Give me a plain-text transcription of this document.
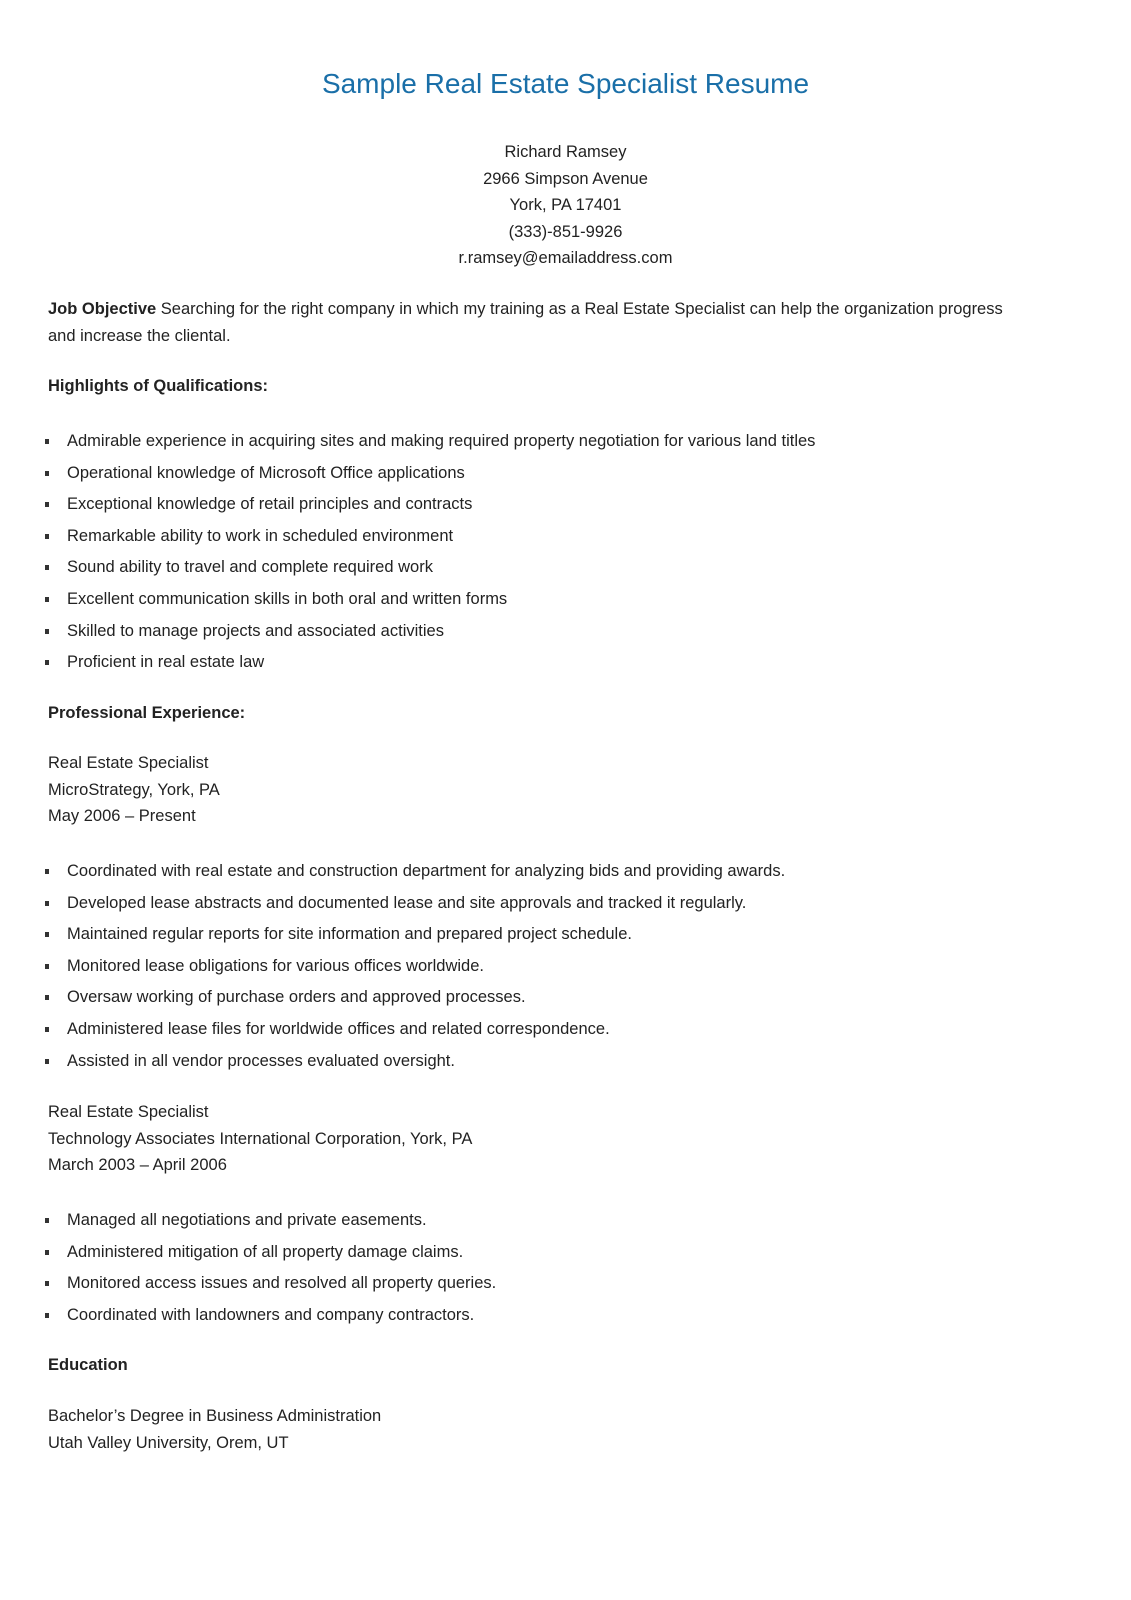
Sample Real Estate Specialist Resume
Richard Ramsey
2966 Simpson Avenue
York, PA 17401
(333)-851-9926
r.ramsey@emailaddress.com
Job Objective Searching for the right company in which my training as a Real Estate Specialist can help the organization progress and increase the cliental.
Highlights of Qualifications:
Admirable experience in acquiring sites and making required property negotiation for various land titles
Operational knowledge of Microsoft Office applications
Exceptional knowledge of retail principles and contracts
Remarkable ability to work in scheduled environment
Sound ability to travel and complete required work
Excellent communication skills in both oral and written forms
Skilled to manage projects and associated activities
Proficient in real estate law
Professional Experience:
Real Estate Specialist
MicroStrategy, York, PA
May 2006 – Present
Coordinated with real estate and construction department for analyzing bids and providing awards.
Developed lease abstracts and documented lease and site approvals and tracked it regularly.
Maintained regular reports for site information and prepared project schedule.
Monitored lease obligations for various offices worldwide.
Oversaw working of purchase orders and approved processes.
Administered lease files for worldwide offices and related correspondence.
Assisted in all vendor processes evaluated oversight.
Real Estate Specialist
Technology Associates International Corporation, York, PA
March 2003 – April 2006
Managed all negotiations and private easements.
Administered mitigation of all property damage claims.
Monitored access issues and resolved all property queries.
Coordinated with landowners and company contractors.
Education
Bachelor’s Degree in Business Administration
Utah Valley University, Orem, UT
